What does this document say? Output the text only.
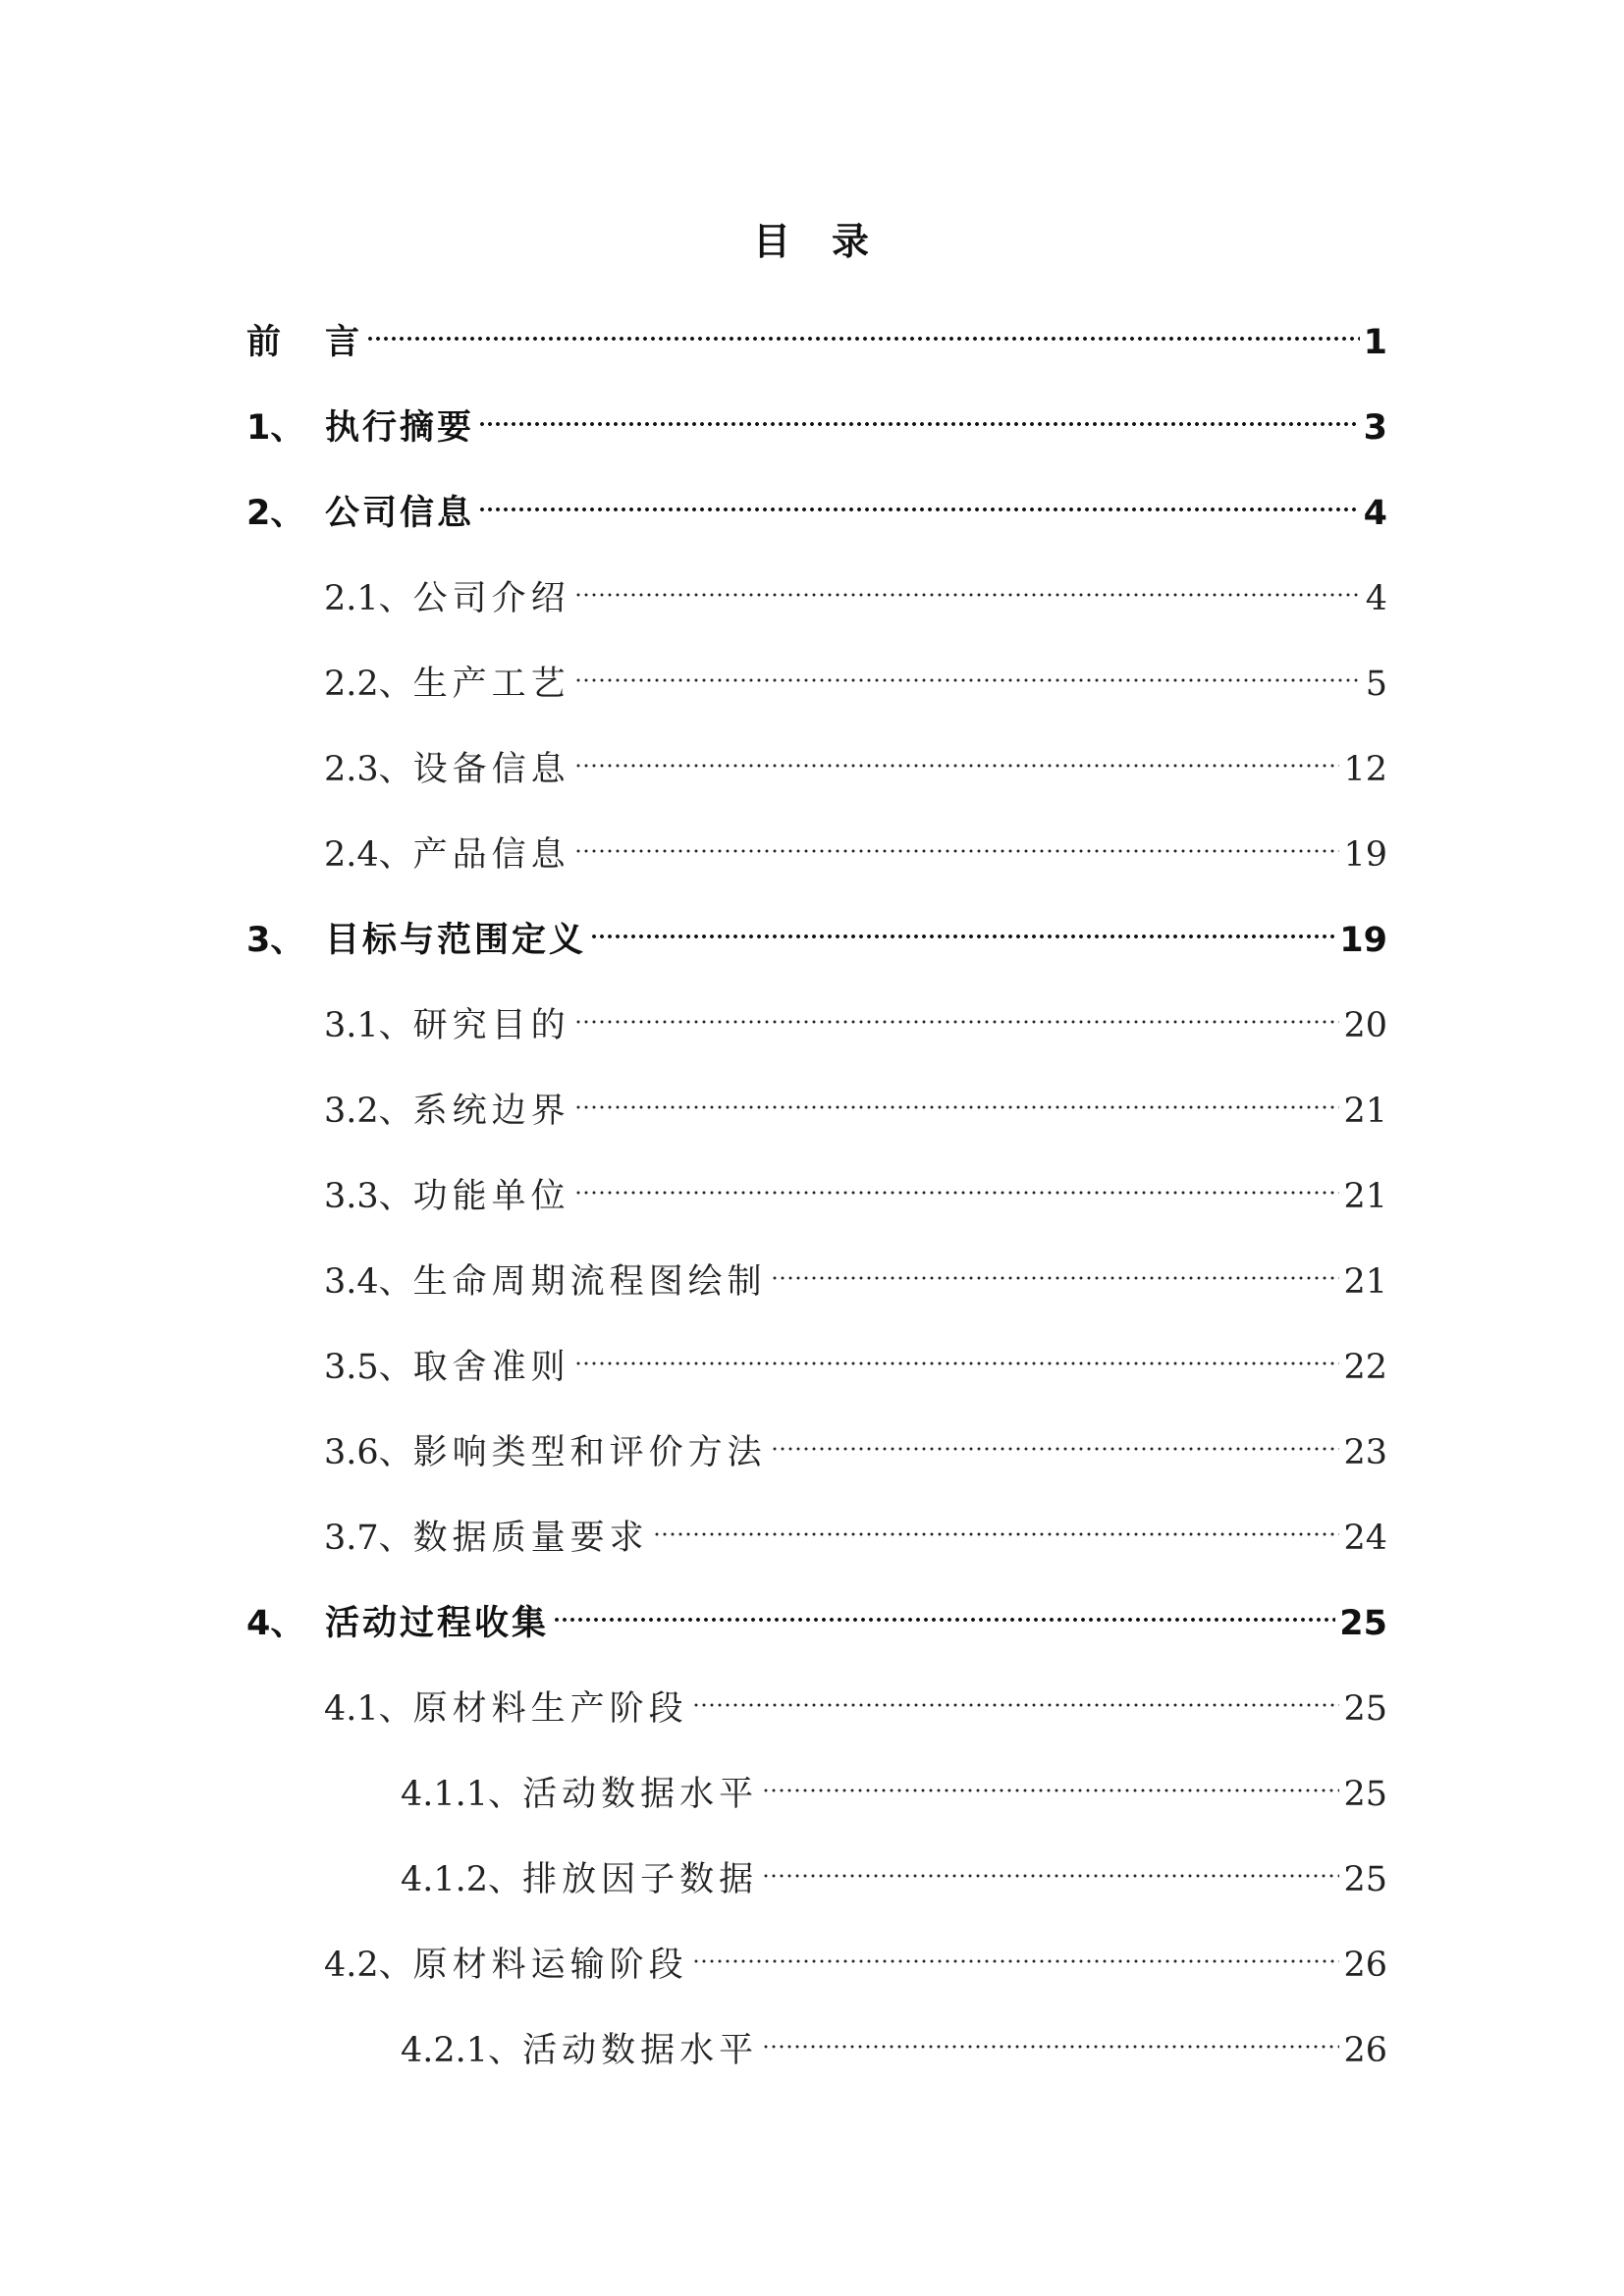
目　录
前	言	1
1、 执行摘要	3
2、 公司信息	4
2.1、 公司介绍	4
2.2、 生产工艺	5
2.3、 设备信息	12
2.4、 产品信息	19
3、 目标与范围定义	19
3.1、 研究目的	20
3.2、 系统边界	21
3.3、 功能单位	21
3.4、 生命周期流程图绘制	21
3.5、 取舍准则	22
3.6、 影响类型和评价方法	23
3.7、 数据质量要求	24
4、 活动过程收集	25
4.1、 原材料生产阶段	25
4.1.1、 活动数据水平	25
4.1.2、 排放因子数据	25
4.2、 原材料运输阶段	26
4.2.1、 活动数据水平	26
